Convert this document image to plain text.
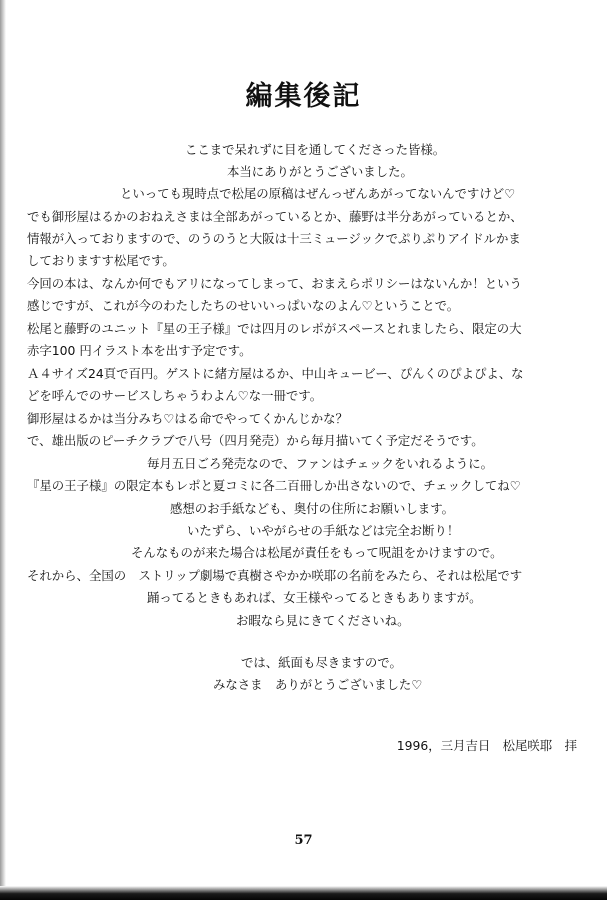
編集後記
ここまで呆れずに目を通してくださった皆様。
本当にありがとうございました。
といっても現時点で松尾の原稿はぜんっぜんあがってないんですけど♡
でも御形屋はるかのおねえさまは全部あがっているとか、藤野は半分あがっているとか、
情報が入っておりますので、のうのうと大阪は十三ミュージックでぷりぷりアイドルかま
しておりますす松尾です。
今回の本は、なんか何でもアリになってしまって、おまえらポリシーはないんか！という
感じですが、これが今のわたしたちのせいいっぱいなのよん♡ということで。
松尾と藤野のユニット『星の王子様』では四月のレポがスペースとれましたら、限定の大
赤字100 円イラスト本を出す予定です。
Ａ４サイズ24頁で百円。ゲストに緒方屋はるか、中山キュービー、ぴんくのぴよぴよ、な
どを呼んでのサービスしちゃうわよん♡な一冊です。
御形屋はるかは当分みち♡はる命でやってくかんじかな？
で、雄出版のピーチクラブで八号（四月発売）から毎月描いてく予定だそうです。
毎月五日ごろ発売なので、ファンはチェックをいれるように。
『星の王子様』の限定本もレポと夏コミに各二百冊しか出さないので、チェックしてね♡
感想のお手紙なども、奥付の住所にお願いします。
いたずら、いやがらせの手紙などは完全お断り！
そんなものが来た場合は松尾が責任をもって呪詛をかけますので。
それから、全国の　ストリップ劇場で真樹さやかか咲耶の名前をみたら、それは松尾です
踊ってるときもあれば、女王様やってるときもありますが。
お暇なら見にきてくださいね。
では、紙面も尽きますので。
みなさま　ありがとうございました♡
1996，三月吉日　松尾咲耶　拝
57
